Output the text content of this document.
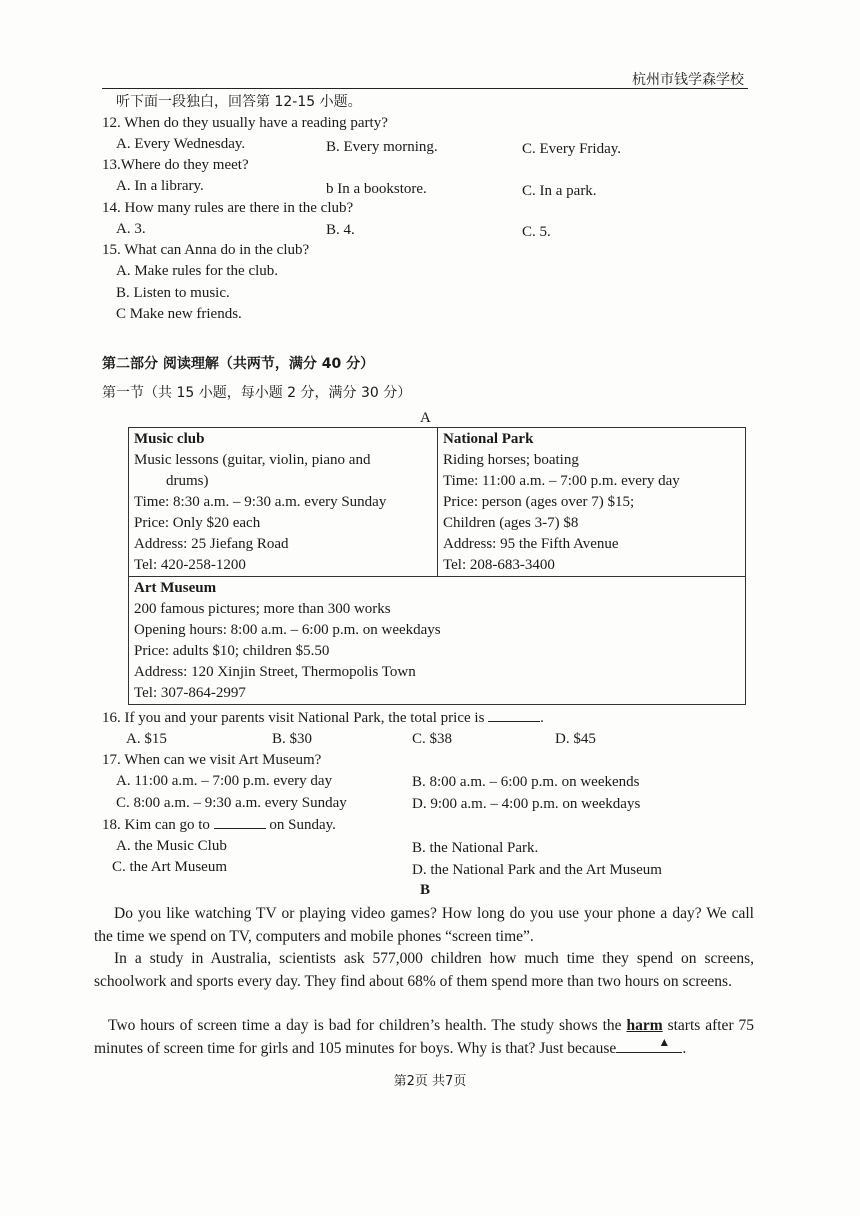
杭州市钱学森学校
听下面一段独白，回答第 12-15 小题。
12. When do they usually have a reading party?
A. Every Wednesday.	B. Every morning.	C. Every Friday.
13.Where do they meet?
A. In a library.	b In a bookstore.	C. In a park.
14. How many rules are there in the club?
A. 3.	B. 4.	C. 5.
15. What can Anna do in the club?
A. Make rules for the club.
B. Listen to music.
C Make new friends.
第二部分 阅读理解（共两节，满分 40 分）
第一节（共 15 小题，每小题 2 分，满分 30 分）
A
Music club
Music lessons (guitar, violin, piano and
drums)
Time: 8:30 a.m. – 9:30 a.m. every Sunday
Price: Only $20 each
Address: 25 Jiefang Road
Tel: 420-258-1200

National Park
Riding horses; boating
Time: 11:00 a.m. – 7:00 p.m. every day
Price: person (ages over 7) $15;
Children (ages 3-7) $8
Address: 95 the Fifth Avenue
Tel: 208-683-3400

Art Museum
200 famous pictures; more than 300 works
Opening hours: 8:00 a.m. – 6:00 p.m. on weekdays
Price: adults $10; children $5.50
Address: 120 Xinjin Street, Thermopolis Town
Tel: 307-864-2997
16. If you and your parents visit National Park, the total price is	.
A. $15	B. $30	C. $38	D. $45
17. When can we visit Art Museum?
A. 11:00 a.m. – 7:00 p.m. every day	B. 8:00 a.m. – 6:00 p.m. on weekends
C. 8:00 a.m. – 9:30 a.m. every Sunday	D. 9:00 a.m. – 4:00 p.m. on weekdays
18. Kim can go to	on Sunday.
A. the Music Club	B. the National Park.
C. the Art Museum	D. the National Park and the Art Museum
B
Do you like watching TV or playing video games? How long do you use your phone a day? We call the time we spend on TV, computers and mobile phones “screen time”.
In a study in Australia, scientists ask 577,000 children how much time they spend on screens, schoolwork and sports every day. They find about 68% of them spend more than two hours on screens.
Two hours of screen time a day is bad for children’s health. The study shows the harm starts after 75 minutes of screen time for girls and 105 minutes for boys. Why is that? Just because	▲ .
第2页 共7页
